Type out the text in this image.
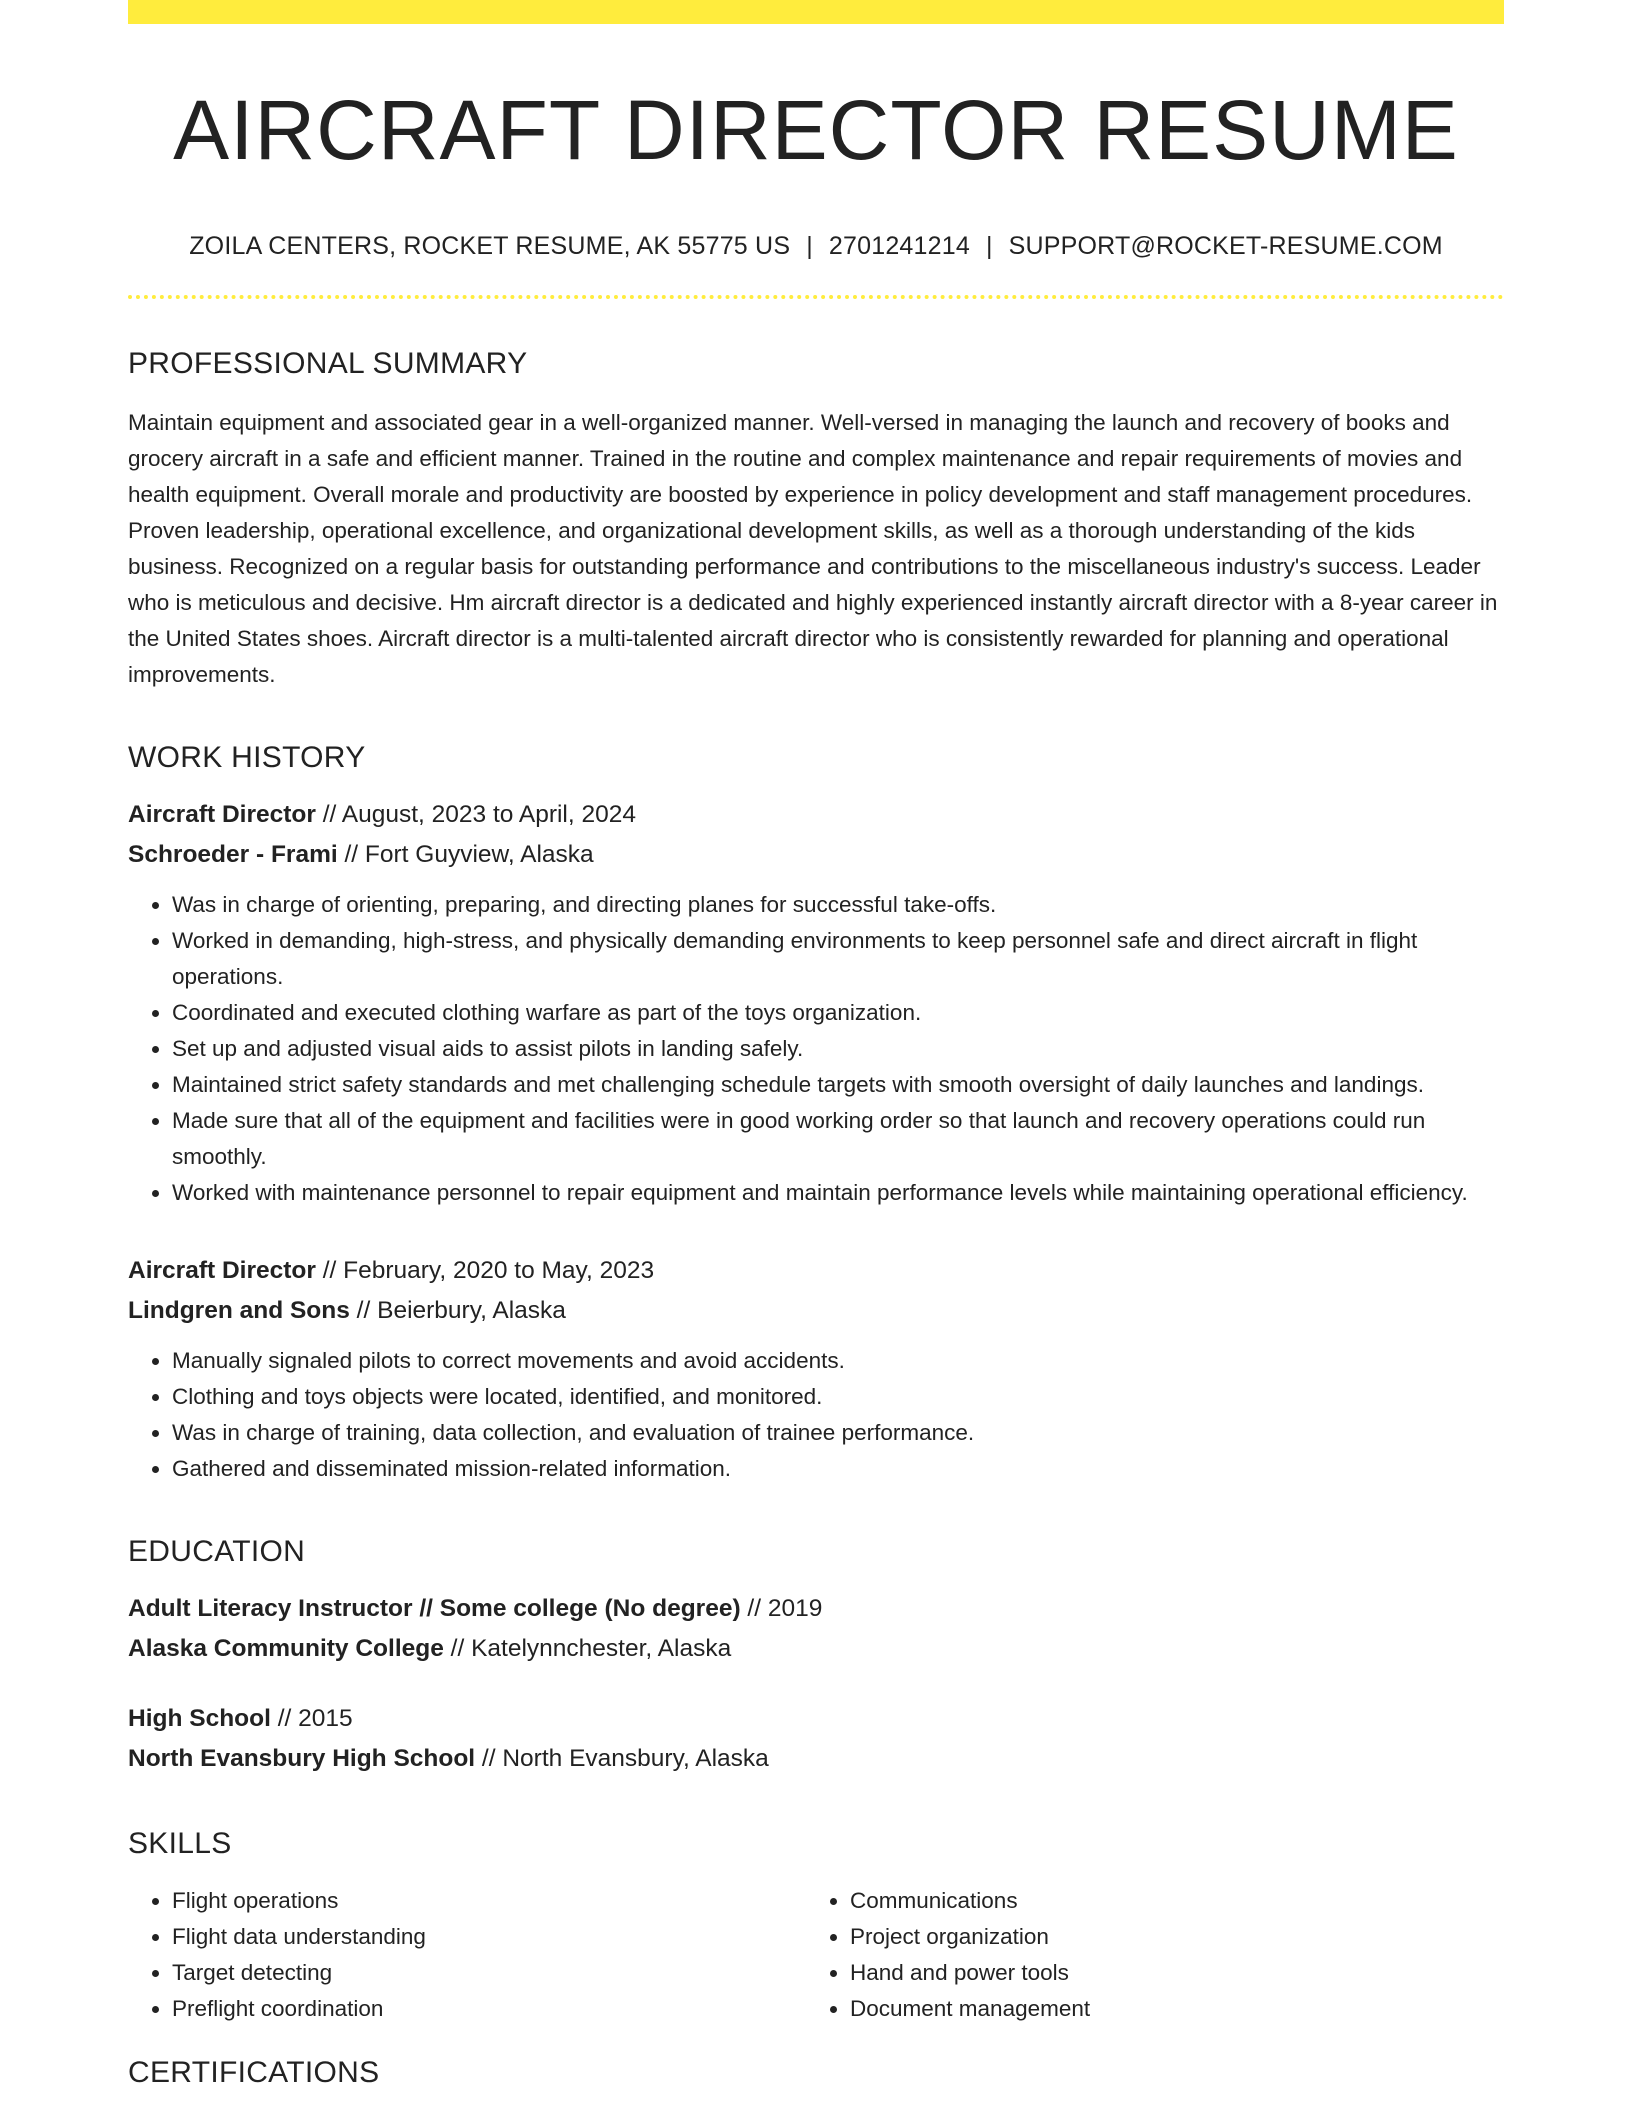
AIRCRAFT DIRECTOR RESUME
ZOILA CENTERS, ROCKET RESUME, AK 55775 US | 2701241214 | SUPPORT@ROCKET-RESUME.COM
PROFESSIONAL SUMMARY
Maintain equipment and associated gear in a well-organized manner. Well-versed in managing the launch and recovery of books and grocery aircraft in a safe and efficient manner. Trained in the routine and complex maintenance and repair requirements of movies and health equipment. Overall morale and productivity are boosted by experience in policy development and staff management procedures. Proven leadership, operational excellence, and organizational development skills, as well as a thorough understanding of the kids business. Recognized on a regular basis for outstanding performance and contributions to the miscellaneous industry's success. Leader who is meticulous and decisive. Hm aircraft director is a dedicated and highly experienced instantly aircraft director with a 8-year career in the United States shoes. Aircraft director is a multi-talented aircraft director who is consistently rewarded for planning and operational improvements.
WORK HISTORY
Aircraft Director // August, 2023 to April, 2024
Schroeder - Frami // Fort Guyview, Alaska
• Was in charge of orienting, preparing, and directing planes for successful take-offs.
• Worked in demanding, high-stress, and physically demanding environments to keep personnel safe and direct aircraft in flight operations.
• Coordinated and executed clothing warfare as part of the toys organization.
• Set up and adjusted visual aids to assist pilots in landing safely.
• Maintained strict safety standards and met challenging schedule targets with smooth oversight of daily launches and landings.
• Made sure that all of the equipment and facilities were in good working order so that launch and recovery operations could run smoothly.
• Worked with maintenance personnel to repair equipment and maintain performance levels while maintaining operational efficiency.
Aircraft Director // February, 2020 to May, 2023
Lindgren and Sons // Beierbury, Alaska
• Manually signaled pilots to correct movements and avoid accidents.
• Clothing and toys objects were located, identified, and monitored.
• Was in charge of training, data collection, and evaluation of trainee performance.
• Gathered and disseminated mission-related information.
EDUCATION
Adult Literacy Instructor // Some college (No degree) // 2019
Alaska Community College // Katelynnchester, Alaska
High School // 2015
North Evansbury High School // North Evansbury, Alaska
SKILLS
• Flight operations
• Flight data understanding
• Target detecting
• Preflight coordination
• Communications
• Project organization
• Hand and power tools
• Document management
CERTIFICATIONS
